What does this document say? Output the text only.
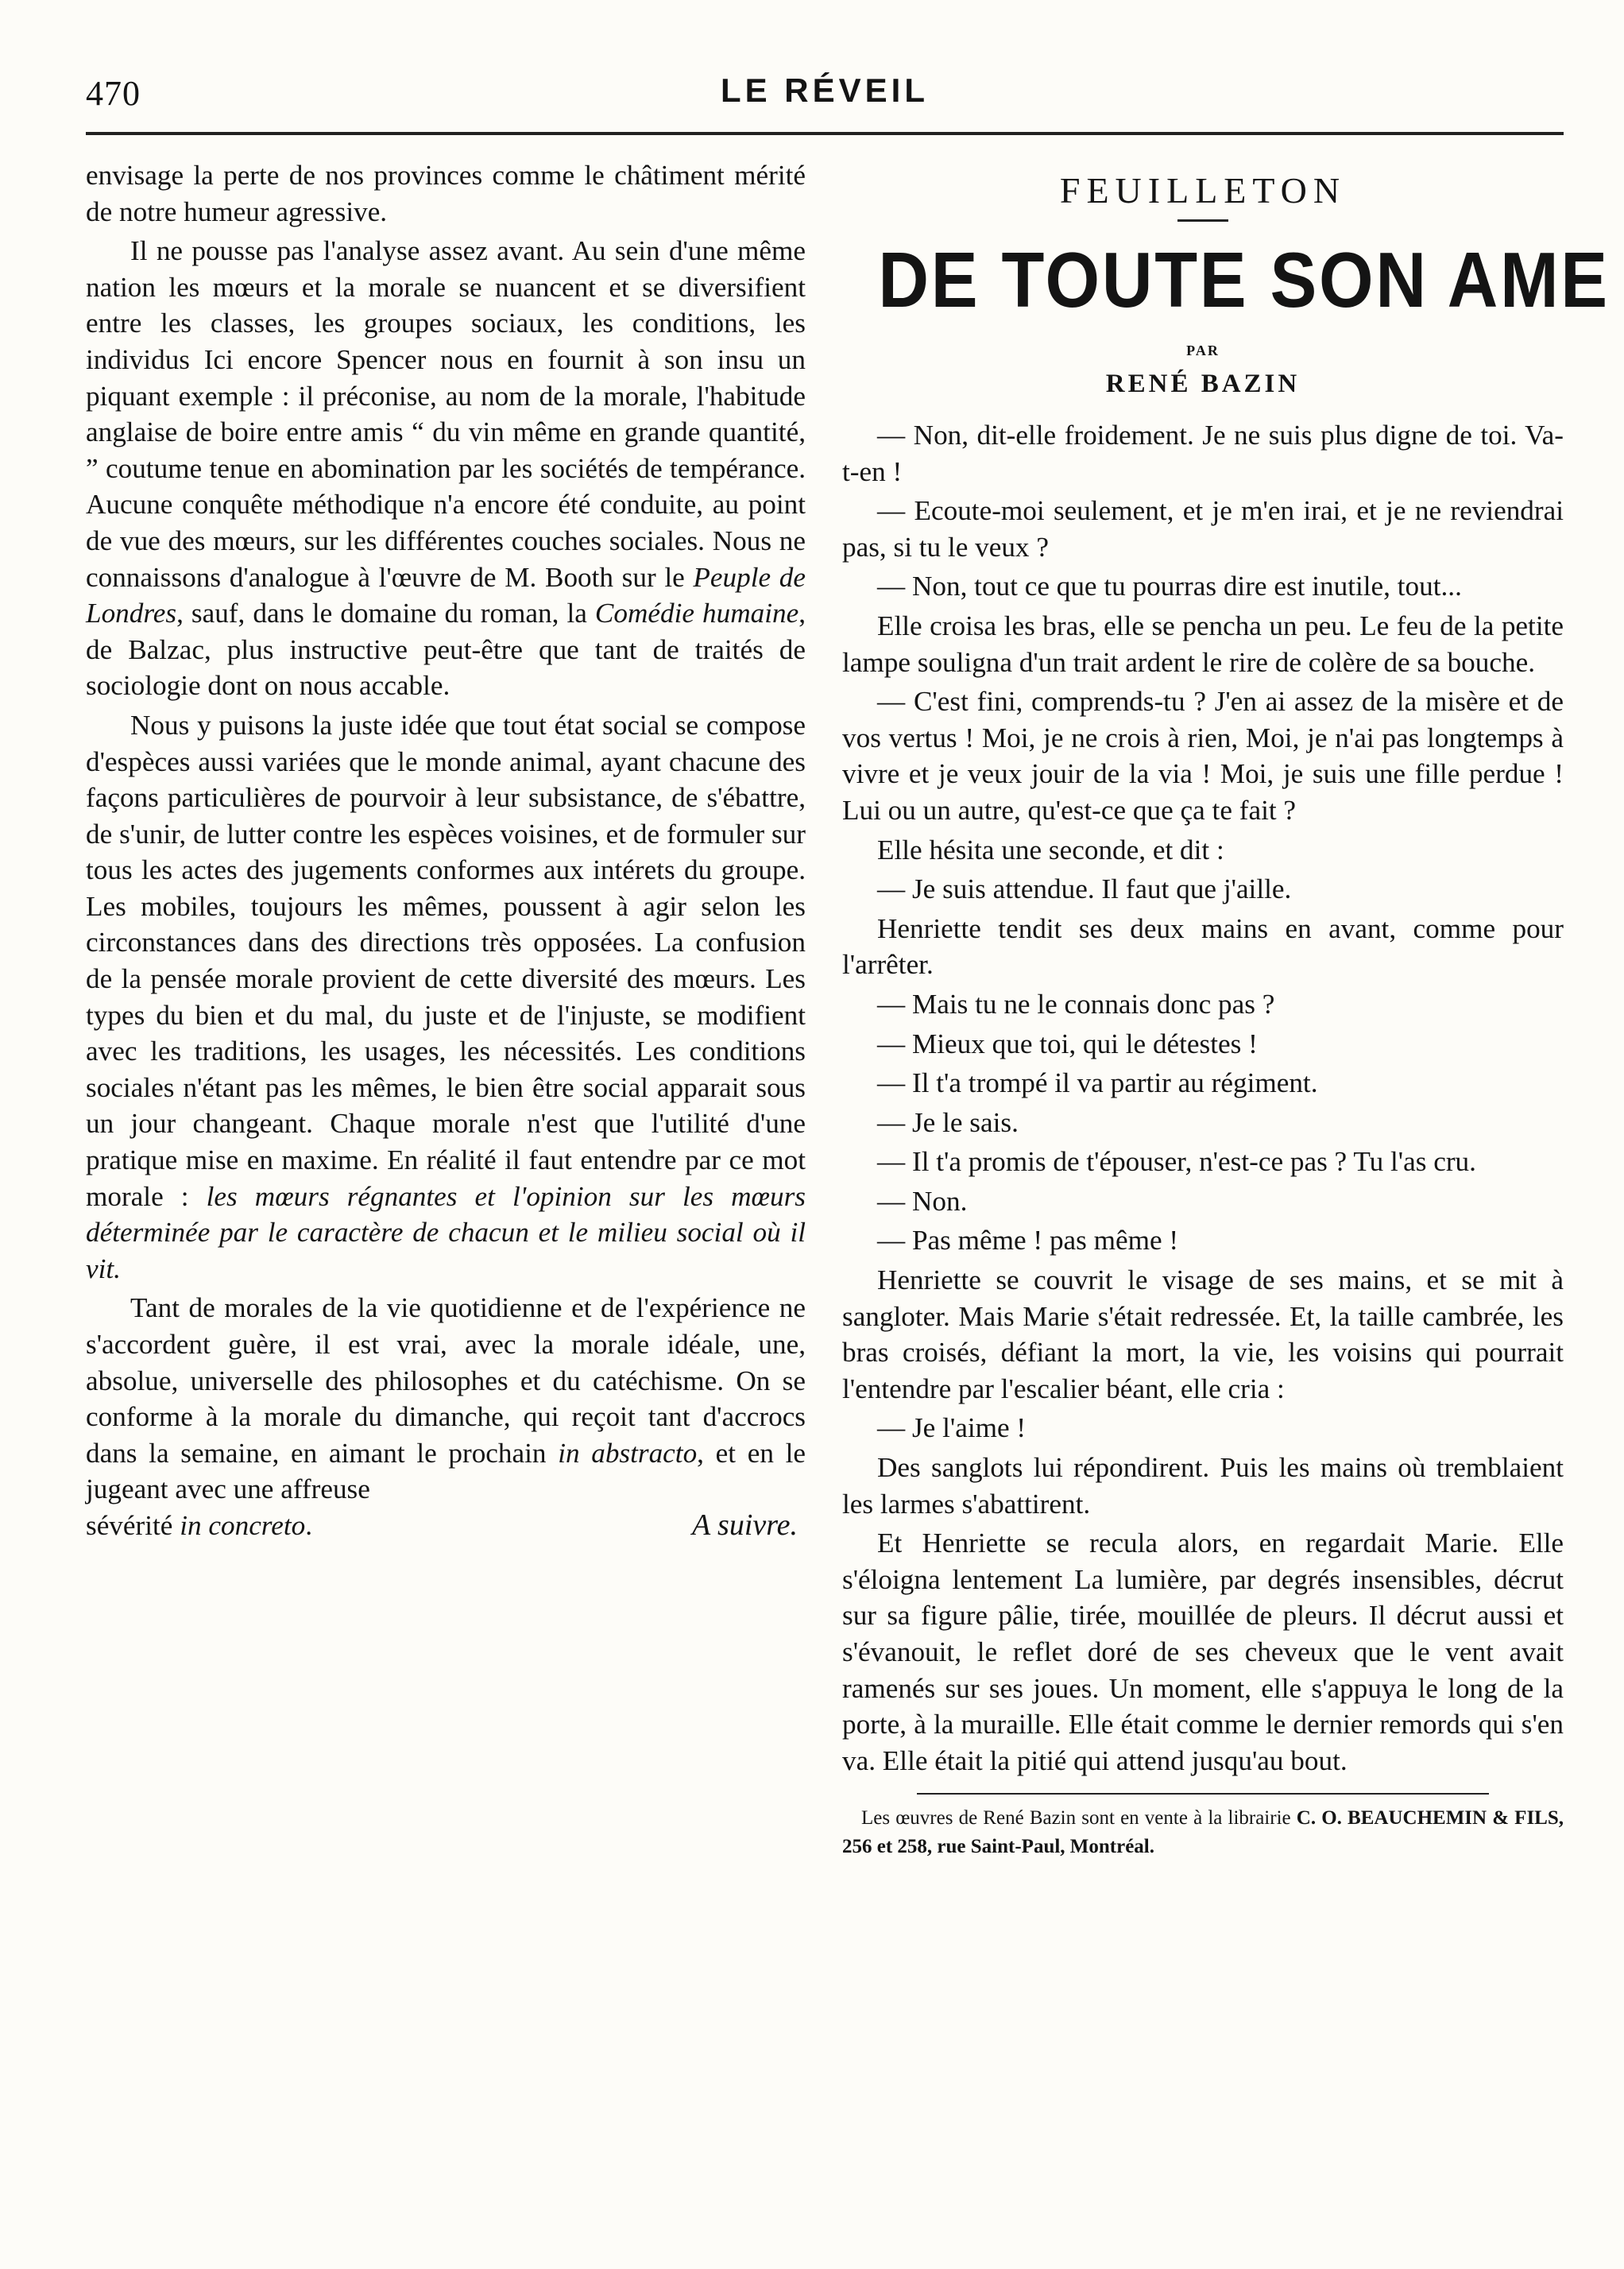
470	LE RÉVEIL

envisage la perte de nos provinces comme le châtiment mérité de notre humeur agressive.

Il ne pousse pas l'analyse assez avant. Au sein d'une même nation les mœurs et la morale se nuancent et se diversifient entre les classes, les groupes sociaux, les conditions, les individus Ici encore Spencer nous en fournit à son insu un piquant exemple : il préconise, au nom de la morale, l'habitude anglaise de boire entre amis “ du vin même en grande quantité, ” coutume tenue en abomination par les sociétés de tempérance. Aucune conquête méthodique n'a encore été conduite, au point de vue des mœurs, sur les différentes couches sociales. Nous ne connaissons d'analogue à l'œuvre de M. Booth sur le Peuple de Londres, sauf, dans le domaine du roman, la Comédie humaine, de Balzac, plus instructive peut-être que tant de traités de sociologie dont on nous accable.

Nous y puisons la juste idée que tout état social se compose d'espèces aussi variées que le monde animal, ayant chacune des façons particulières de pourvoir à leur subsistance, de s'ébattre, de s'unir, de lutter contre les espèces voisines, et de formuler sur tous les actes des jugements conformes aux intérets du groupe. Les mobiles, toujours les mêmes, poussent à agir selon les circonstances dans des directions très opposées. La confusion de la pensée morale provient de cette diversité des mœurs. Les types du bien et du mal, du juste et de l'injuste, se modifient avec les traditions, les usages, les nécessités. Les conditions sociales n'étant pas les mêmes, le bien être social apparait sous un jour changeant. Chaque morale n'est que l'utilité d'une pratique mise en maxime. En réalité il faut entendre par ce mot morale : les mœurs régnantes et l'opinion sur les mœurs déterminée par le caractère de chacun et le milieu social où il vit.

Tant de morales de la vie quotidienne et de l'expérience ne s'accordent guère, il est vrai, avec la morale idéale, une, absolue, universelle des philosophes et du catéchisme. On se conforme à la morale du dimanche, qui reçoit tant d'accrocs dans la semaine, en aimant le prochain in abstracto, et en le jugeant avec une affreuse

sévérité in concreto.	A suivre.
FEUILLETON
DE TOUTE SON AME
PAR
RENÉ BAZIN

— Non, dit-elle froidement. Je ne suis plus digne de toi. Va-t-en !

— Ecoute-moi seulement, et je m'en irai, et je ne reviendrai pas, si tu le veux ?

— Non, tout ce que tu pourras dire est inutile, tout...

Elle croisa les bras, elle se pencha un peu. Le feu de la petite lampe souligna d'un trait ardent le rire de colère de sa bouche.

— C'est fini, comprends-tu ? J'en ai assez de la misère et de vos vertus ! Moi, je ne crois à rien, Moi, je n'ai pas longtemps à vivre et je veux jouir de la via ! Moi, je suis une fille perdue ! Lui ou un autre, qu'est-ce que ça te fait ?

Elle hésita une seconde, et dit :

— Je suis attendue. Il faut que j'aille.

Henriette tendit ses deux mains en avant, comme pour l'arrêter.

— Mais tu ne le connais donc pas ?

— Mieux que toi, qui le détestes !

— Il t'a trompé il va partir au régiment.

— Je le sais.

— Il t'a promis de t'épouser, n'est-ce pas ? Tu l'as cru.

— Non.

— Pas même ! pas même !

Henriette se couvrit le visage de ses mains, et se mit à sangloter. Mais Marie s'était redressée. Et, la taille cambrée, les bras croisés, défiant la mort, la vie, les voisins qui pourrait l'entendre par l'escalier béant, elle cria :

— Je l'aime !

Des sanglots lui répondirent. Puis les mains où tremblaient les larmes s'abattirent.

Et Henriette se recula alors, en regardait Marie. Elle s'éloigna lentement La lumière, par degrés insensibles, décrut sur sa figure pâlie, tirée, mouillée de pleurs. Il décrut aussi et s'évanouit, le reflet doré de ses cheveux que le vent avait ramenés sur ses joues. Un moment, elle s'appuya le long de la porte, à la muraille. Elle était comme le dernier remords qui s'en va. Elle était la pitié qui attend jusqu'au bout.

Les œuvres de René Bazin sont en vente à la librairie C. O. BEAUCHEMIN & FILS, 256 et 258, rue Saint-Paul, Montréal.
